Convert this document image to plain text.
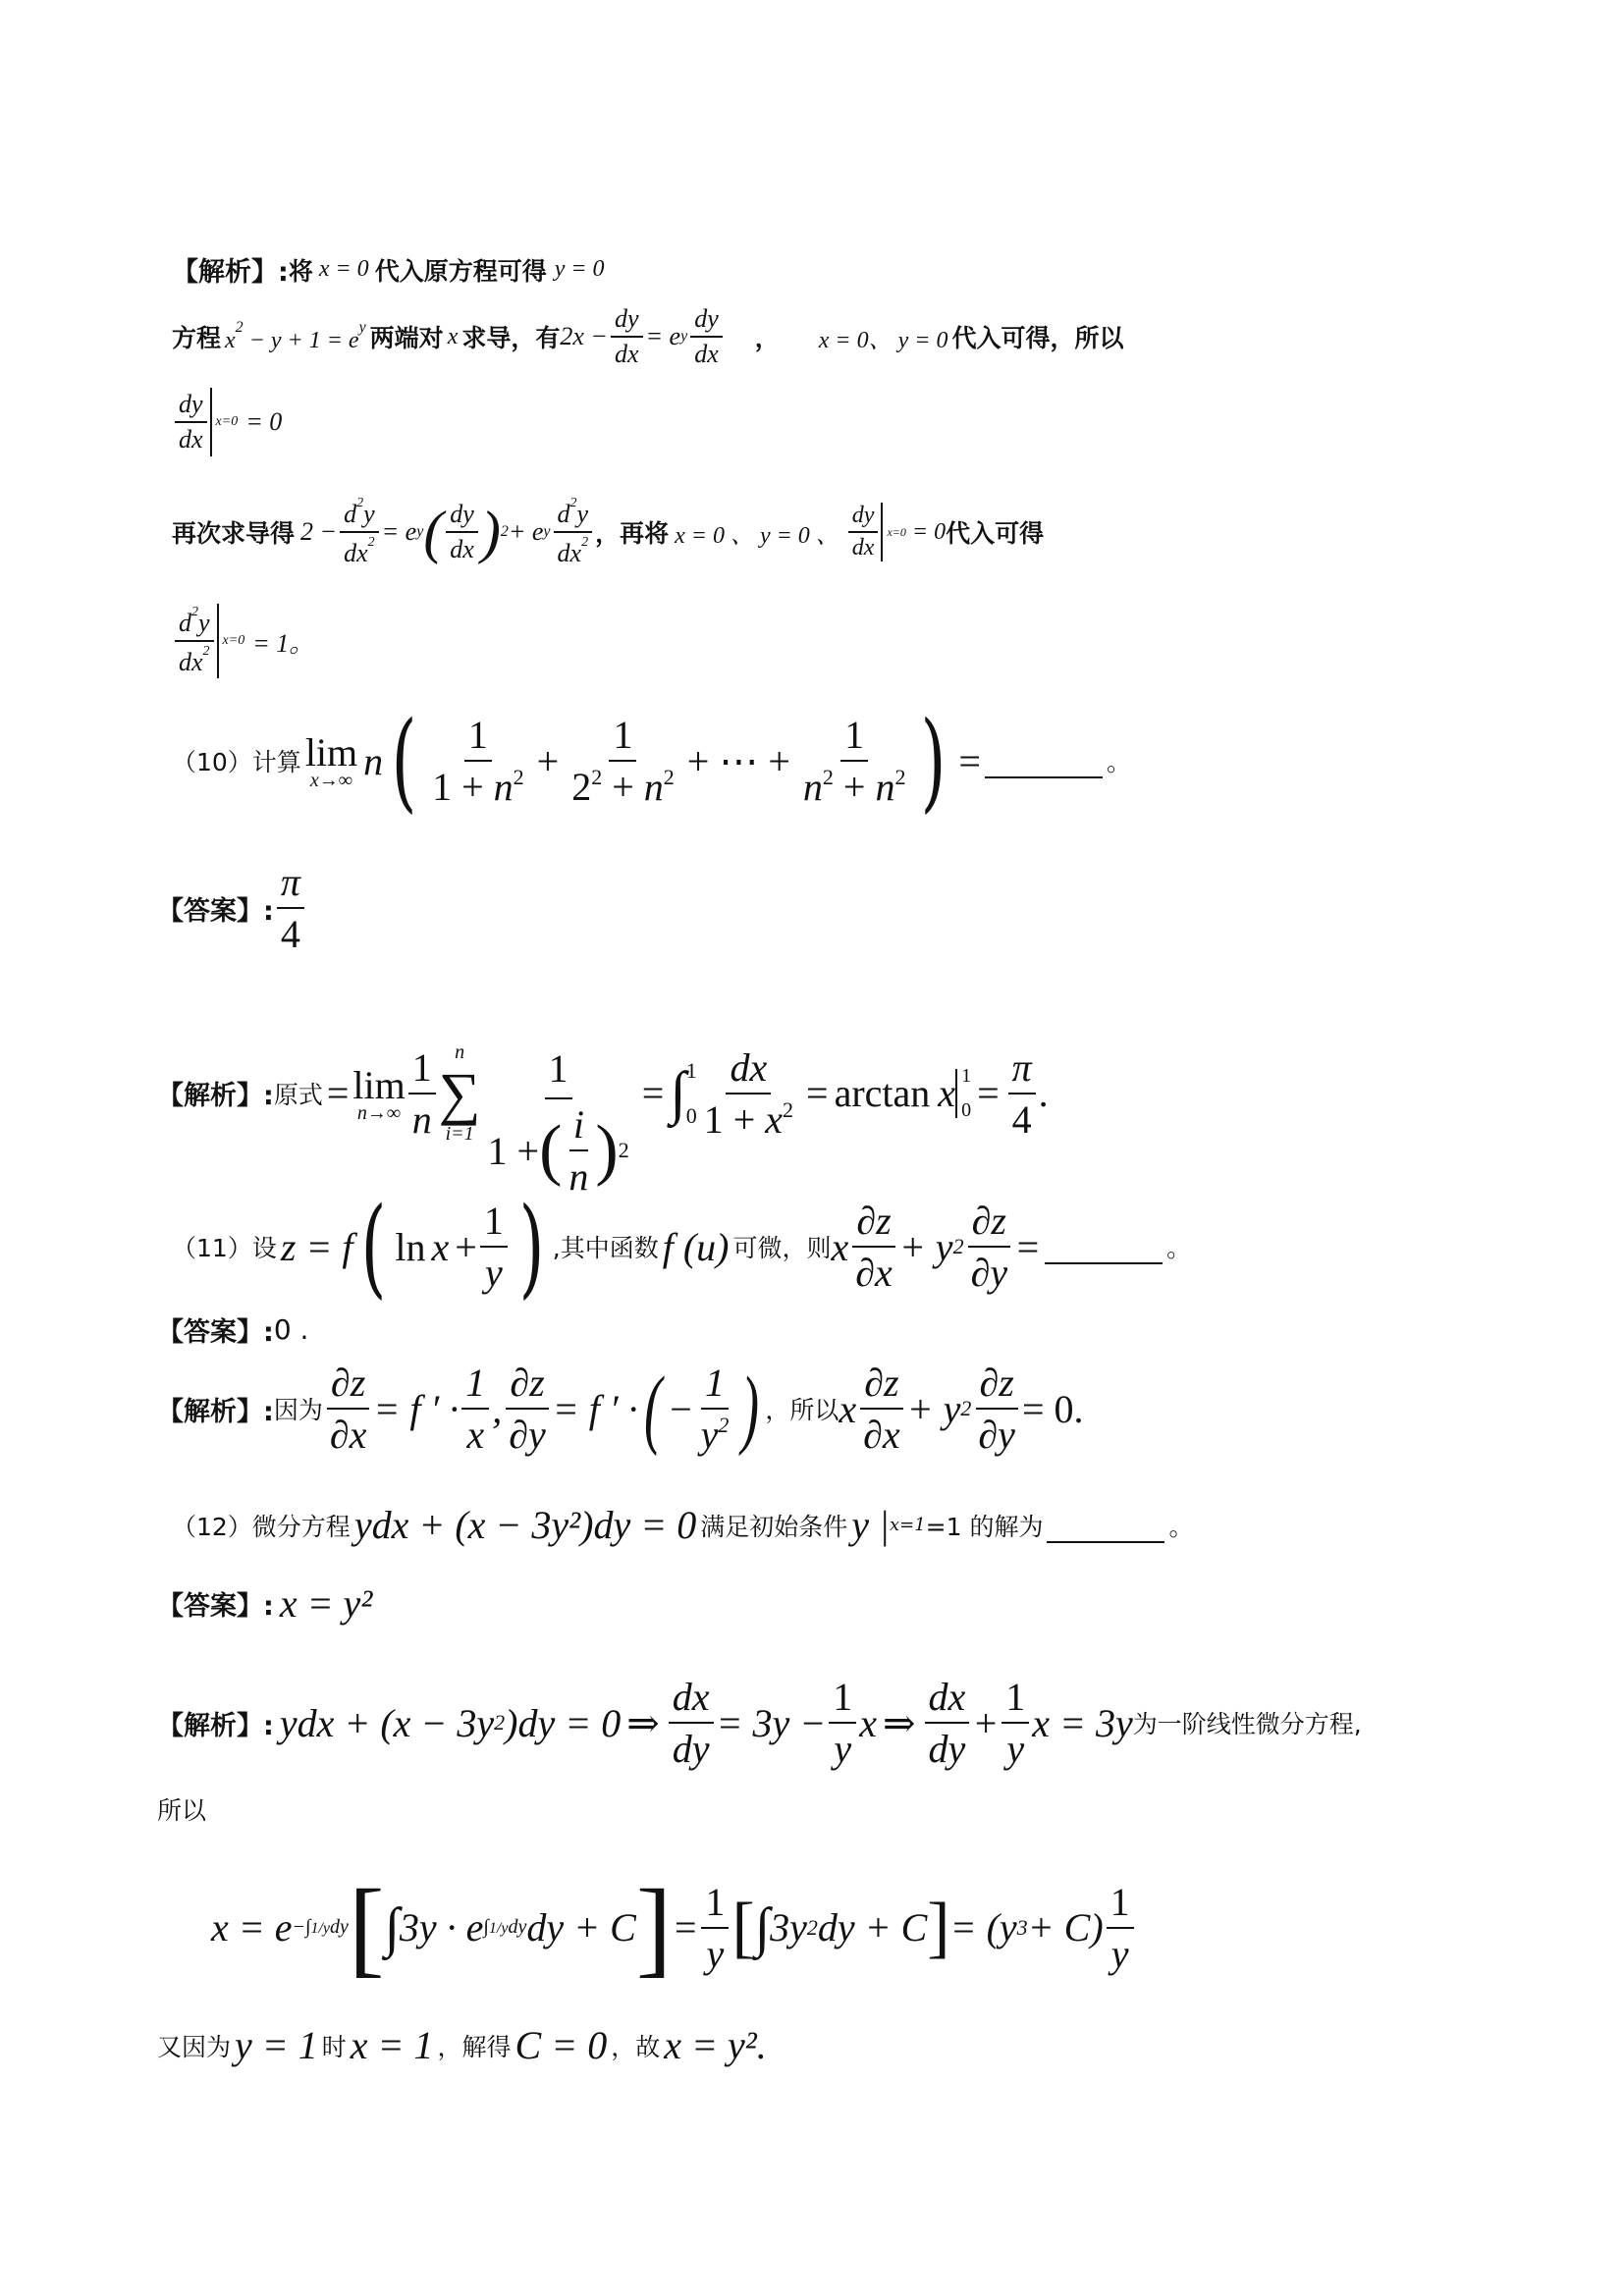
【解析】: 将 x = 0 代入原方程可得 y = 0
方程 $x^2 - y + 1 = e^y$ 两端对 x 求导，有 $2x - \frac{dy}{dx} = e$ y $\frac{dy}{dx}$ ， x = 0、 y = 0 代入可得，所以
$\frac{dy}{dx} x=0 = 0$
再次求导得 $2 - \frac{d^2y}{dx^2} = e$ y ( $\frac{dy}{dx}$ ) 2 + e y $\frac{d^2y}{dx^2}$ ，再将 x = 0 、 y = 0 、 $\frac{dy}{dx} x=0 = 0$ 代入可得
$\frac{d^2y}{dx^2} x=0 = 1$。
（10）计算 lim
x→∞ n ( $\frac{1}{1 + n^2} + \frac{1}{2^2 + n^2}$ + ⋯ + $\frac{1}{n^2 + n^2}$ ) =	。
【答案】: $\frac{\pi}{4}$
【解析】: 原式 = lim
$n\to\infty \frac{1}{n}$ n
∑
$i=1 \frac{1}{1 + ( \frac{i}{n} ) 2}$ = ∫ 1
$0 \frac{dx}{1 + x^2} = \arctan x$ 1
$0 = \frac{\pi}{4}$ .
（11）设 z = f ( $\ln x + \frac{1}{y}$ ) ,其中函数 f (u) 可微，则 x $\frac{\partial z}{\partial x} + y$ $2 \frac{\partial z}{\partial y}$ =	。
【答案】: 0 .
【解析】: 因为 $\frac{\partial z}{\partial x} = f$ ′ · $\frac{1}{x}$ , $\frac{\partial z}{\partial y} = f$ ′ · ( − $\frac{1}{y^2}$ ) ，所以 x $\frac{\partial z}{\partial x} + y$ $2 \frac{\partial z}{\partial y} = 0$.
（12）微分方程 ydx + (x − 3y²)dy = 0 满足初始条件 y | x=1 =1 的解为	。
【答案】: x = y²
【解析】: ydx + (x − 3y 2 )dy = 0 ⇒ $\frac{dx}{dy} = 3y - \frac{1}{y}$ x ⇒ $\frac{dx}{dy} + \frac{1}{y}$ x = 3y 为一阶线性微分方程,
所以
x = e −∫1/ydy [ ∫ 3y · e ∫1/ydy dy + C ] = $\frac{1}{y}$ [ ∫ 3y 2 dy + C ] = (y $3 + C) \frac{1}{y}$
又因为 y = 1 时 x = 1 ，解得 C = 0 ，故 x = y².
